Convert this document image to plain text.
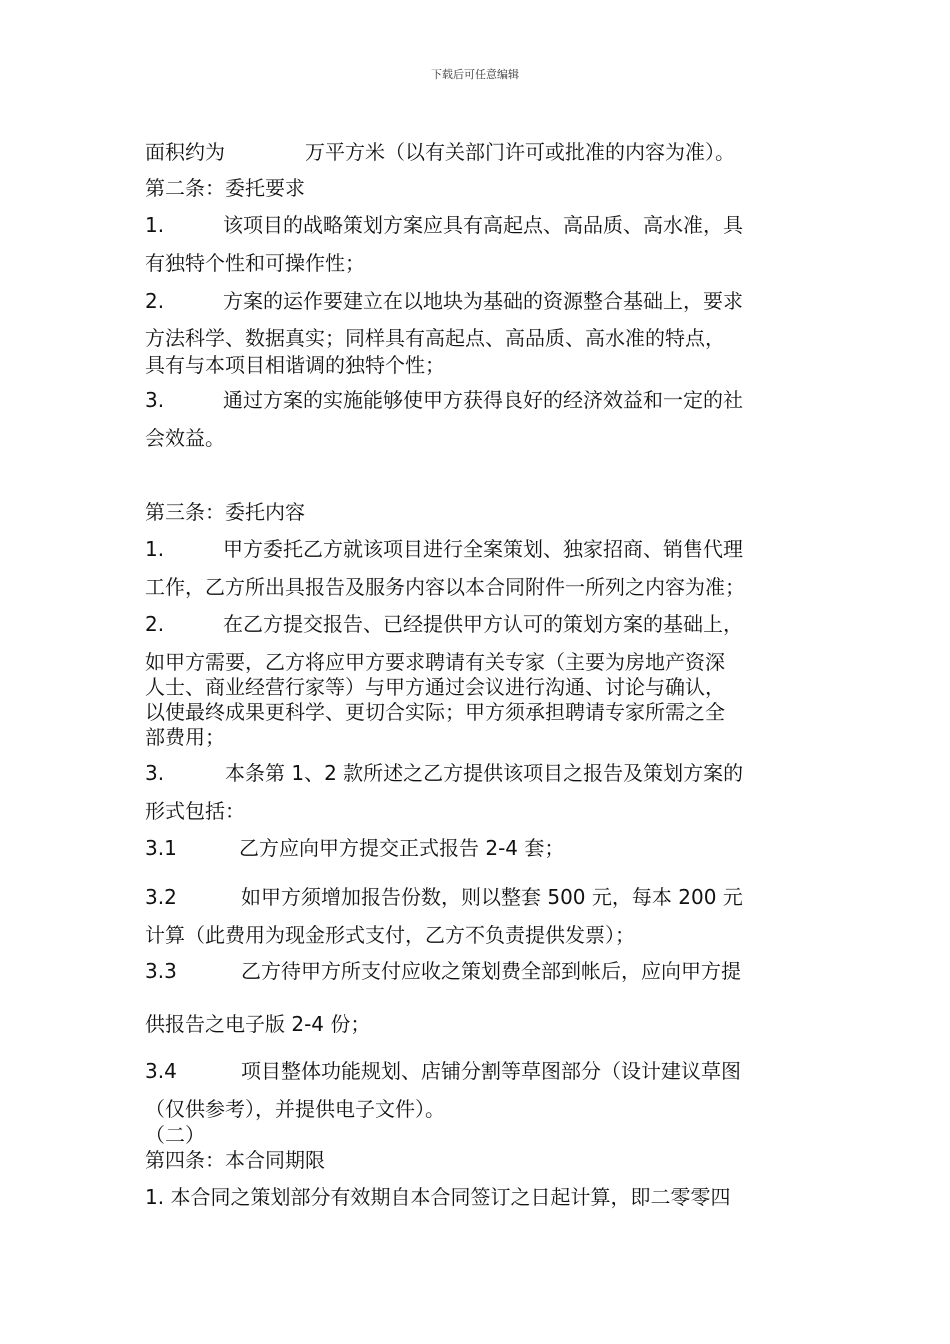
下载后可任意编辑
面积约为	万平方米（以有关部门许可或批准的内容为准）。
第二条：委托要求
1.	该项目的战略策划方案应具有高起点、高品质、高水准，具
有独特个性和可操作性；
2.	方案的运作要建立在以地块为基础的资源整合基础上，要求
方法科学、数据真实；同样具有高起点、高品质、高水准的特点，
具有与本项目相谐调的独特个性；
3.	通过方案的实施能够使甲方获得良好的经济效益和一定的社
会效益。
第三条：委托内容
1.	甲方委托乙方就该项目进行全案策划、独家招商、销售代理
工作，乙方所出具报告及服务内容以本合同附件一所列之内容为准；
2.	在乙方提交报告、已经提供甲方认可的策划方案的基础上，
如甲方需要，乙方将应甲方要求聘请有关专家（主要为房地产资深
人士、商业经营行家等）与甲方通过会议进行沟通、讨论与确认，
以使最终成果更科学、更切合实际；甲方须承担聘请专家所需之全
部费用；
3.	本条第 1、2 款所述之乙方提供该项目之报告及策划方案的
形式包括：
3.1	乙方应向甲方提交正式报告 2-4 套；
3.2	如甲方须增加报告份数，则以整套 500 元，每本 200 元
计算（此费用为现金形式支付，乙方不负责提供发票）；
3.3	乙方待甲方所支付应收之策划费全部到帐后，应向甲方提
供报告之电子版 2-4 份；
3.4	项目整体功能规划、店铺分割等草图部分（设计建议草图
（仅供参考），并提供电子文件）。
（二）
第四条：本合同期限
1. 本合同之策划部分有效期自本合同签订之日起计算，即二零零四
